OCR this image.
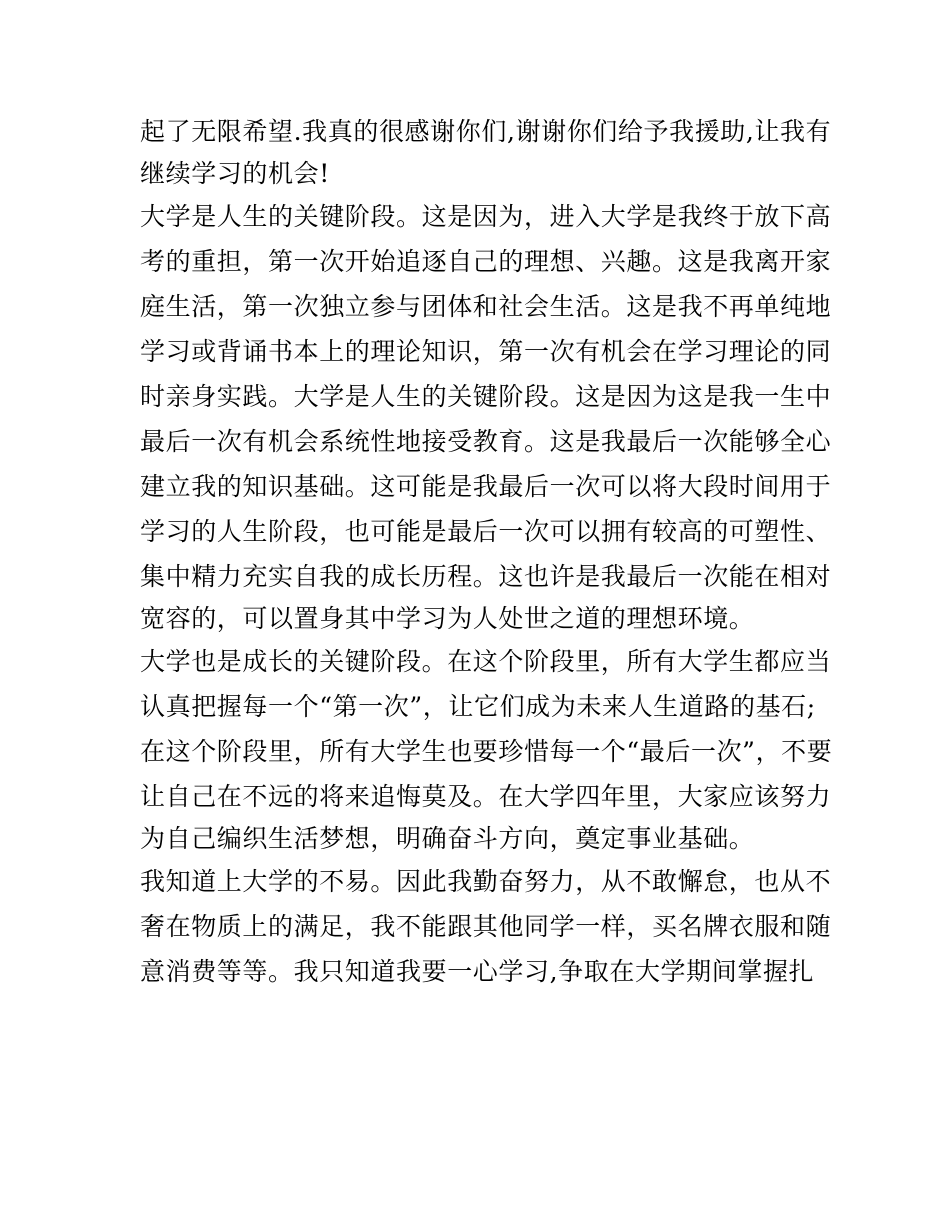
起了无限希望.我真的很感谢你们,谢谢你们给予我援助,让我有
继续学习的机会!
大学是人生的关键阶段。这是因为，进入大学是我终于放下高
考的重担，第一次开始追逐自己的理想、兴趣。这是我离开家
庭生活，第一次独立参与团体和社会生活。这是我不再单纯地
学习或背诵书本上的理论知识，第一次有机会在学习理论的同
时亲身实践。大学是人生的关键阶段。这是因为这是我一生中
最后一次有机会系统性地接受教育。这是我最后一次能够全心
建立我的知识基础。这可能是我最后一次可以将大段时间用于
学习的人生阶段，也可能是最后一次可以拥有较高的可塑性、
集中精力充实自我的成长历程。这也许是我最后一次能在相对
宽容的，可以置身其中学习为人处世之道的理想环境。
大学也是成长的关键阶段。在这个阶段里，所有大学生都应当
认真把握每一个“第一次”，让它们成为未来人生道路的基石;
在这个阶段里，所有大学生也要珍惜每一个“最后一次”，不要
让自己在不远的将来追悔莫及。在大学四年里，大家应该努力
为自己编织生活梦想，明确奋斗方向，奠定事业基础。
我知道上大学的不易。因此我勤奋努力，从不敢懈怠，也从不
奢在物质上的满足，我不能跟其他同学一样，买名牌衣服和随
意消费等等。我只知道我要一心学习,争取在大学期间掌握扎
